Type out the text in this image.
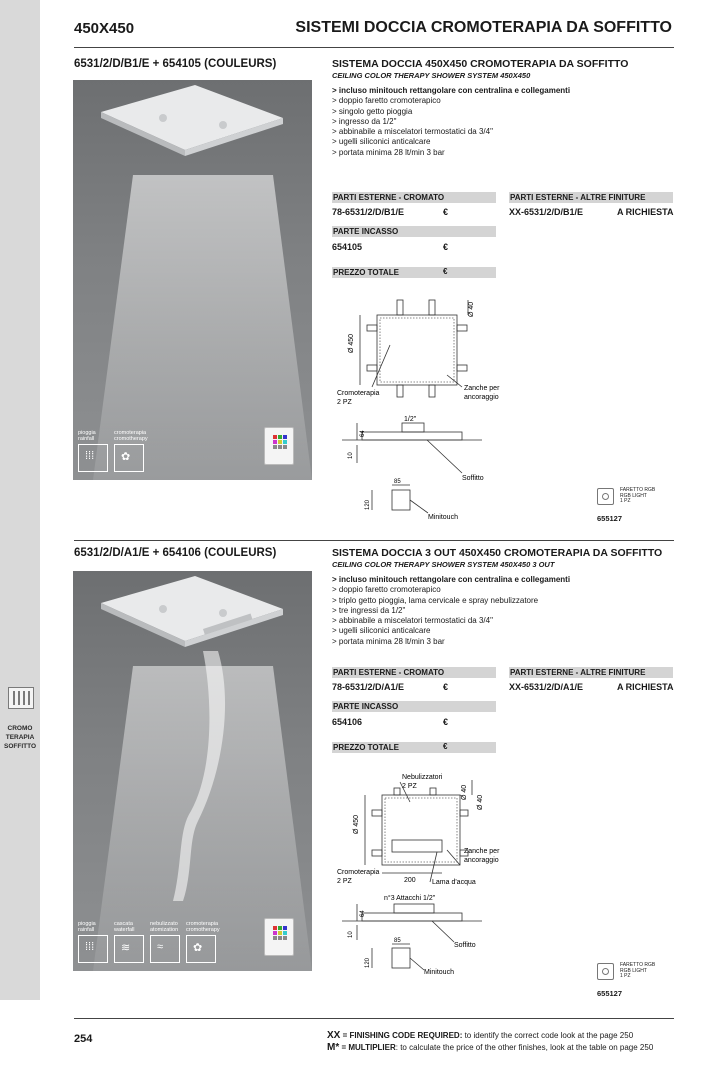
CROMO
TERAPIA
SOFFITTO
450X450	SISTEMI DOCCIA CROMOTERAPIA DA SOFFITTO
6531/2/D/B1/E + 654105 (COULEURS)
pioggia
rainfall
⁞⁞⁞
cromoterapia
cromotherapy
✿
SISTEMA DOCCIA 450X450 CROMOTERAPIA DA SOFFITTO
CEILING COLOR THERAPY SHOWER SYSTEM 450X450
> incluso minitouch rettangolare con centralina e collegamenti
> doppio faretto cromoterapico
> singolo getto pioggia
> ingresso da 1/2"
> abbinabile a miscelatori termostatici da 3/4"
> ugelli siliconici anticalcare
> portata minima 28 lt/min 3 bar
PARTI ESTERNE - CROMATO	PARTI ESTERNE - ALTRE FINITURE
78-6531/2/D/B1/E	€	XX-6531/2/D/B1/E	A RICHIESTA
PARTE INCASSO
654105	€
PREZZO TOTALE	€
Ø 450
Ø 40
Cromoterapia
2 PZ
Zanche per
ancoraggio
1/2"
64
10
Soffitto
85
120
Minitouch
FARETTO RGB
RGB LIGHT
1 PZ
655127
6531/2/D/A1/E + 654106 (COULEURS)
pioggia
rainfall
⁞⁞⁞
cascata
waterfall
≋
nebulizzato
atomization
≈
cromoterapia
cromotherapy
✿
SISTEMA DOCCIA 3 OUT 450X450 CROMOTERAPIA DA SOFFITTO
CEILING COLOR THERAPY SHOWER SYSTEM 450X450 3 OUT
> incluso minitouch rettangolare con centralina e collegamenti
> doppio faretto cromoterapico
> triplo getto pioggia, lama cervicale e spray nebulizzatore
> tre ingressi da 1/2"
> abbinabile a miscelatori termostatici da 3/4"
> ugelli siliconici anticalcare
> portata minima 28 lt/min 3 bar
PARTI ESTERNE - CROMATO	PARTI ESTERNE - ALTRE FINITURE
78-6531/2/D/A1/E	€	XX-6531/2/D/A1/E	A RICHIESTA
PARTE INCASSO
654106	€
PREZZO TOTALE	€
Nebulizzatori
2 PZ
Ø 450
Ø 40
Ø 40
Cromoterapia
2 PZ
Zanche per
ancoraggio
200 Lama d'acqua
n°3 Attacchi 1/2"
64
10
Soffitto
85
120
Minitouch
FARETTO RGB
RGB LIGHT
1 PZ
655127
254	XX = FINISHING CODE REQUIRED: to identify the correct code look at the page 250
M* = MULTIPLIER: to calculate the price of the other finishes, look at the table on page 250
